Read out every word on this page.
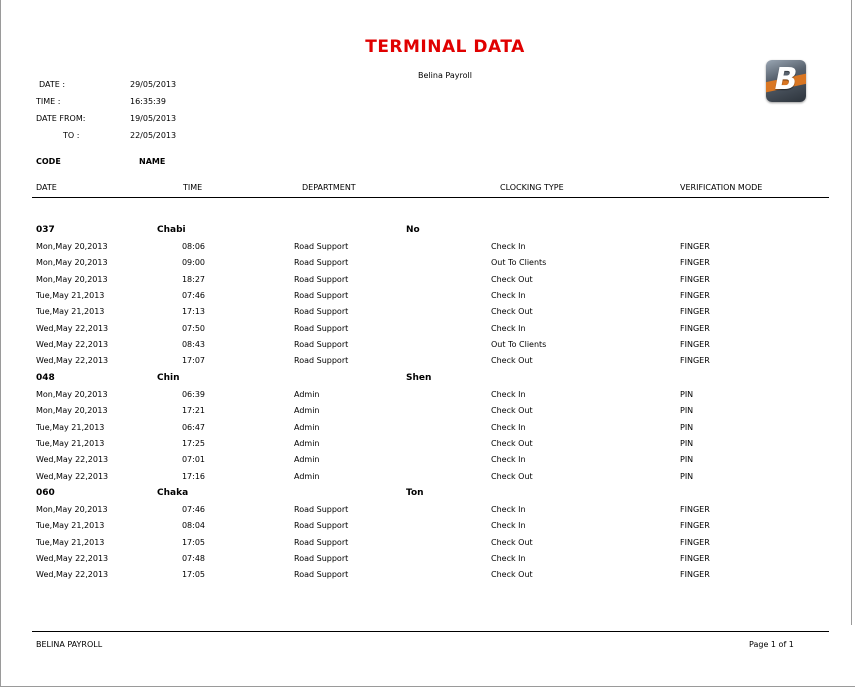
TERMINAL DATA
Belina Payroll	B
DATE :	29/05/2013
TIME :	16:35:39
DATE FROM:	19/05/2013
TO :	22/05/2013
CODE	NAME
DATE	TIME	DEPARTMENT	CLOCKING TYPE	VERIFICATION MODE
037	Chabi	No
Mon,May 20,2013	08:06	Road Support	Check In	FINGER
Mon,May 20,2013	09:00	Road Support	Out To Clients	FINGER
Mon,May 20,2013	18:27	Road Support	Check Out	FINGER
Tue,May 21,2013	07:46	Road Support	Check In	FINGER
Tue,May 21,2013	17:13	Road Support	Check Out	FINGER
Wed,May 22,2013	07:50	Road Support	Check In	FINGER
Wed,May 22,2013	08:43	Road Support	Out To Clients	FINGER
Wed,May 22,2013	17:07	Road Support	Check Out	FINGER
048	Chin	Shen
Mon,May 20,2013	06:39	Admin	Check In	PIN
Mon,May 20,2013	17:21	Admin	Check Out	PIN
Tue,May 21,2013	06:47	Admin	Check In	PIN
Tue,May 21,2013	17:25	Admin	Check Out	PIN
Wed,May 22,2013	07:01	Admin	Check In	PIN
Wed,May 22,2013	17:16	Admin	Check Out	PIN
060	Chaka	Ton
Mon,May 20,2013	07:46	Road Support	Check In	FINGER
Tue,May 21,2013	08:04	Road Support	Check In	FINGER
Tue,May 21,2013	17:05	Road Support	Check Out	FINGER
Wed,May 22,2013	07:48	Road Support	Check In	FINGER
Wed,May 22,2013	17:05	Road Support	Check Out	FINGER
BELINA PAYROLL	Page 1 of 1
